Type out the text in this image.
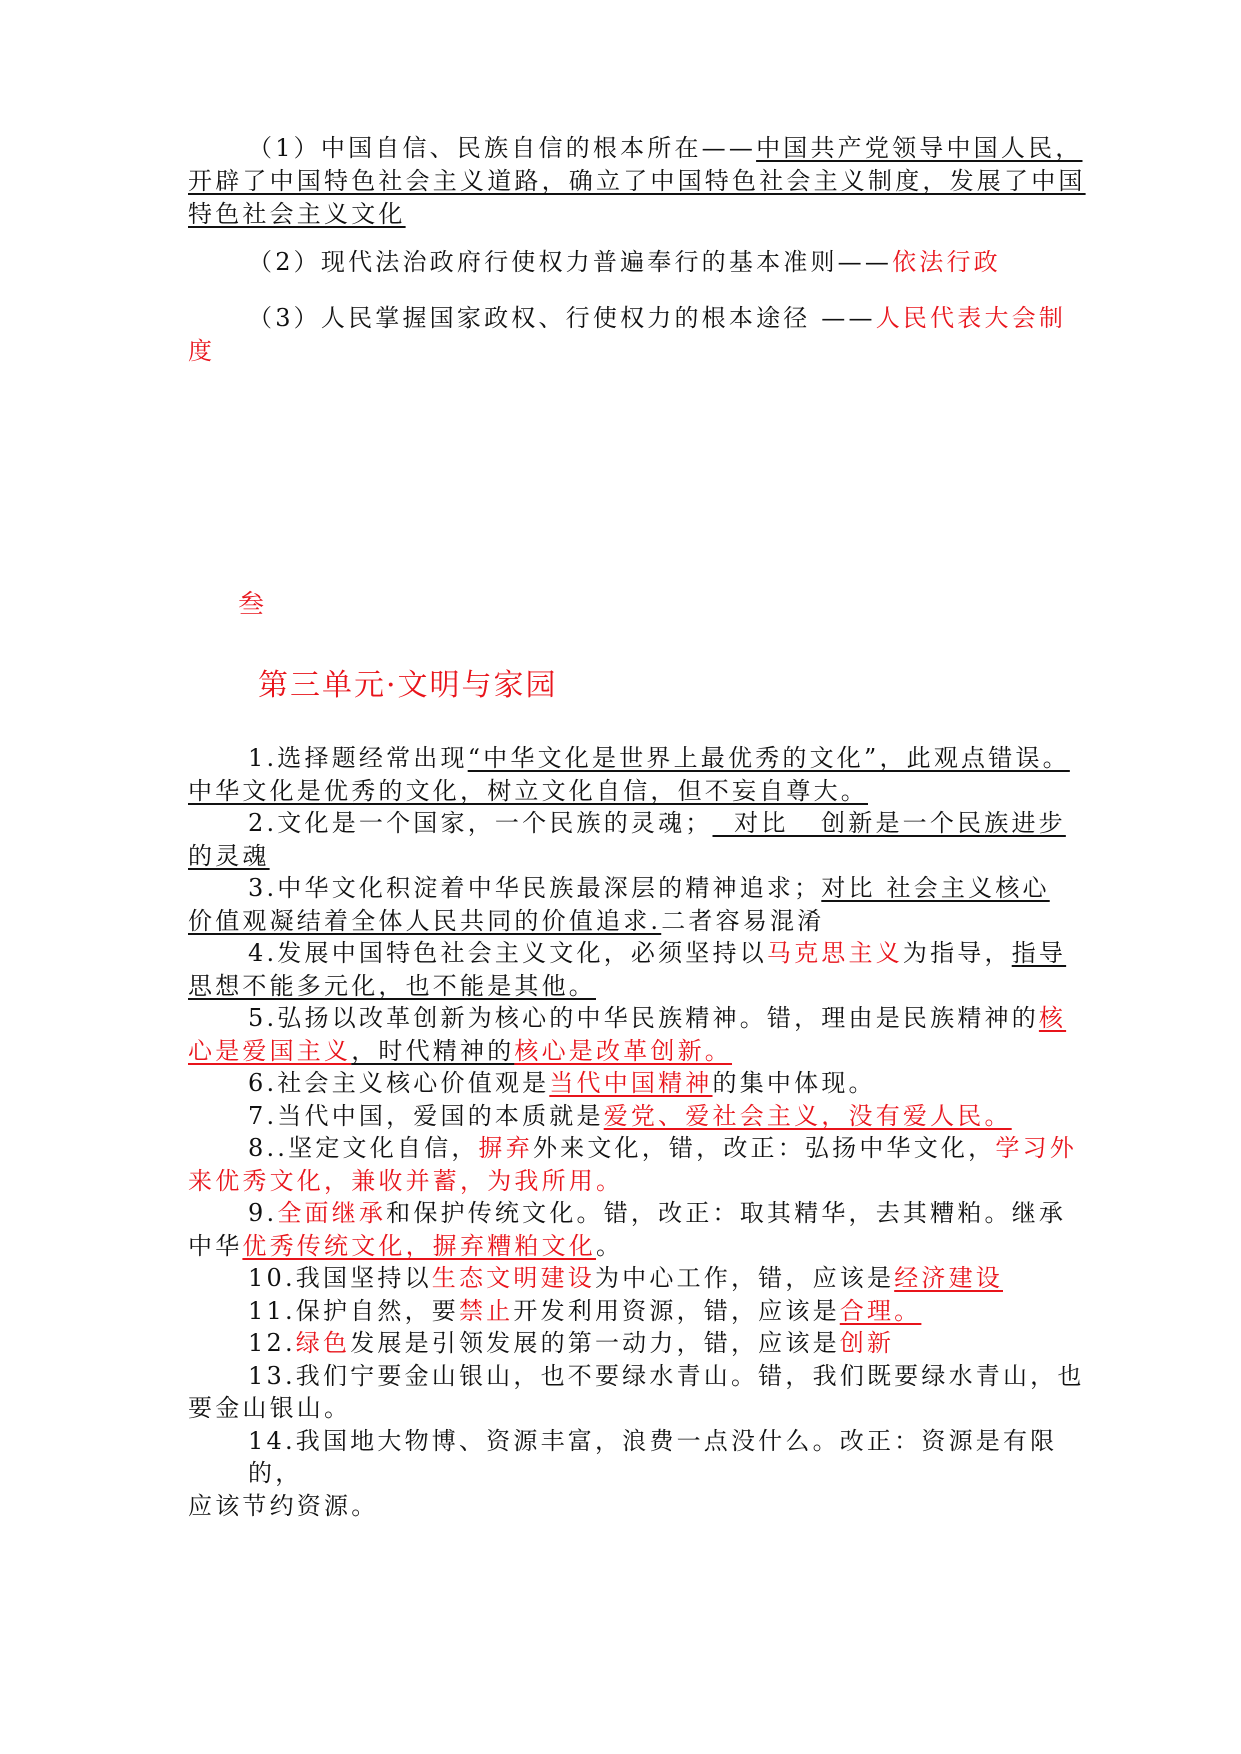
（1）中国自信、民族自信的根本所在——中国共产党领导中国人民，开辟了中国特色社会主义道路，确立了中国特色社会主义制度，发展了中国特色社会主义文化

（2）现代法治政府行使权力普遍奉行的基本准则——依法行政

（3）人民掌握国家政权、行使权力的根本途径 ——人民代表大会制度

叁

第三单元·文明与家园

1.选择题经常出现“中华文化是世界上最优秀的文化”，此观点错误。

中华文化是优秀的文化，树立文化自信，但不妄自尊大。

2.文化是一个国家，一个民族的灵魂；  对比   创新是一个民族进步

的灵魂

3.中华文化积淀着中华民族最深层的精神追求；对比 社会主义核心

价值观凝结着全体人民共同的价值追求.二者容易混淆

4.发展中国特色社会主义文化，必须坚持以马克思主义为指导，指导

思想不能多元化，也不能是其他。

5.弘扬以改革创新为核心的中华民族精神。错，理由是民族精神的核

心是爱国主义，时代精神的核心是改革创新。

6.社会主义核心价值观是当代中国精神的集中体现。

7.当代中国，爱国的本质就是爱党、爱社会主义，没有爱人民。

8..坚定文化自信，摒弃外来文化，错，改正：弘扬中华文化，学习外

来优秀文化，兼收并蓄，为我所用。

9.全面继承和保护传统文化。错，改正：取其精华，去其糟粕。继承

中华优秀传统文化，摒弃糟粕文化。

10.我国坚持以生态文明建设为中心工作，错，应该是经济建设

11.保护自然，要禁止开发利用资源，错，应该是合理。

12.绿色发展是引领发展的第一动力，错，应该是创新

13.我们宁要金山银山，也不要绿水青山。错，我们既要绿水青山，也

要金山银山。

14.我国地大物博、资源丰富，浪费一点没什么。改正：资源是有限的，

应该节约资源。
